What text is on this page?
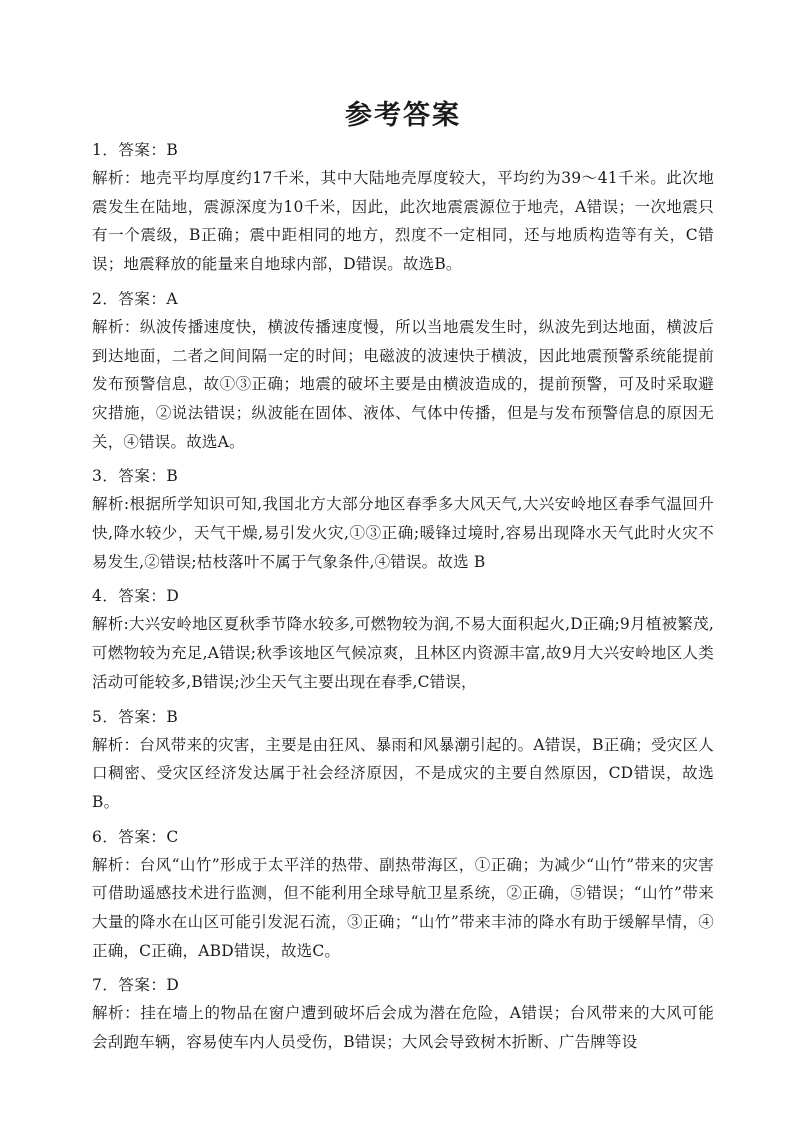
参考答案

1．答案：B

解析：地壳平均厚度约17千米，其中大陆地壳厚度较大，平均约为39～41千米。此次地震发生在陆地，震源深度为10千米，因此，此次地震震源位于地壳，A错误；一次地震只有一个震级，B正确；震中距相同的地方，烈度不一定相同，还与地质构造等有关，C错误；地震释放的能量来自地球内部，D错误。故选B。

2．答案：A

解析：纵波传播速度快，横波传播速度慢，所以当地震发生时，纵波先到达地面，横波后到达地面，二者之间间隔一定的时间；电磁波的波速快于横波，因此地震预警系统能提前发布预警信息，故①③正确；地震的破坏主要是由横波造成的，提前预警，可及时采取避灾措施，②说法错误；纵波能在固体、液体、气体中传播，但是与发布预警信息的原因无关，④错误。故选A。

3．答案：B

解析:根据所学知识可知,我国北方大部分地区春季多大风天气,大兴安岭地区春季气温回升快,降水较少，天气干燥,易引发火灾,①③正确;暖锋过境时,容易出现降水天气此时火灾不易发生,②错误;枯枝落叶不属于气象条件,④错误。故选 B

4．答案：D

解析:大兴安岭地区夏秋季节降水较多,可燃物较为润,不易大面积起火,D正确;9月植被繁茂,可燃物较为充足,A错误;秋季该地区气候凉爽，且林区内资源丰富,故9月大兴安岭地区人类活动可能较多,B错误;沙尘天气主要出现在春季,C错误，

5．答案：B

解析：台风带来的灾害，主要是由狂风、暴雨和风暴潮引起的。A错误，B正确；受灾区人口稠密、受灾区经济发达属于社会经济原因，不是成灾的主要自然原因，CD错误，故选B。

6．答案：C

解析：台风“山竹”形成于太平洋的热带、副热带海区，①正确；为减少“山竹”带来的灾害可借助遥感技术进行监测，但不能利用全球导航卫星系统，②正确，⑤错误；“山竹”带来大量的降水在山区可能引发泥石流，③正确；“山竹”带来丰沛的降水有助于缓解旱情，④正确，C正确，ABD错误，故选C。

7．答案：D

解析：挂在墙上的物品在窗户遭到破坏后会成为潜在危险，A错误；台风带来的大风可能会刮跑车辆，容易使车内人员受伤，B错误；大风会导致树木折断、广告牌等设
